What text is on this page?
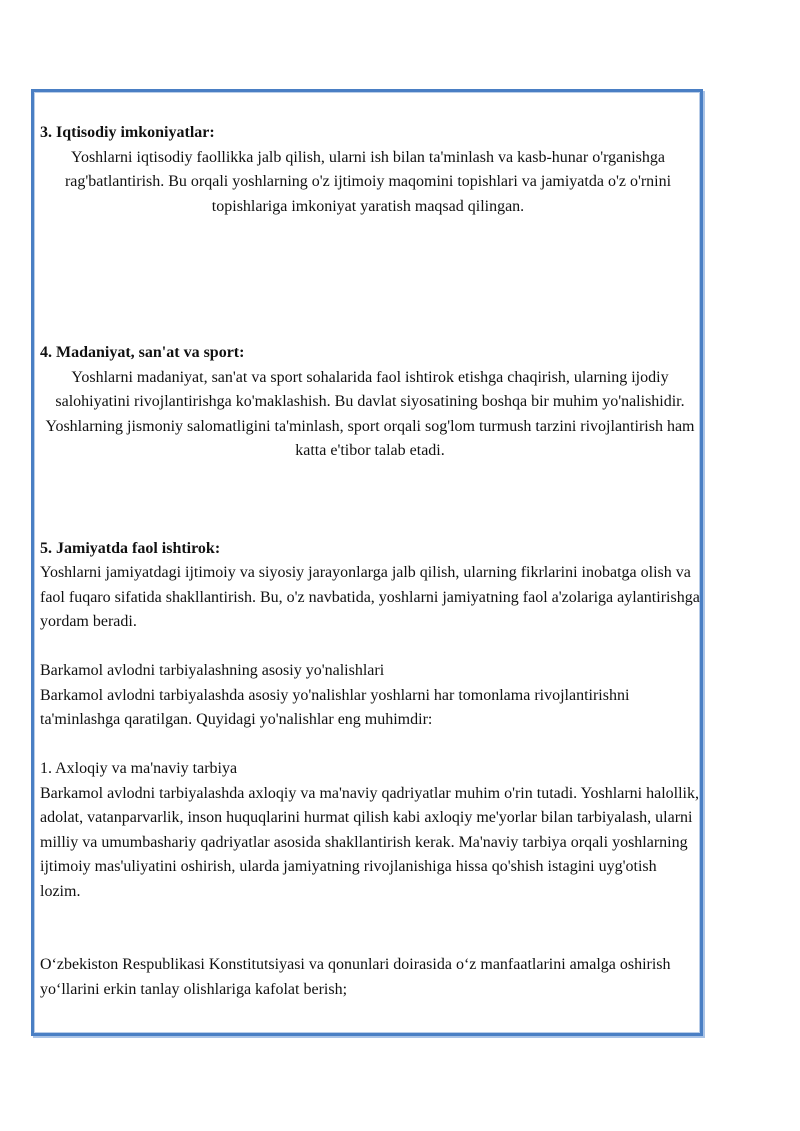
3. Iqtisodiy imkoniyatlar:

Yoshlarni iqtisodiy faollikka jalb qilish, ularni ish bilan ta'minlash va kasb-hunar o'rganishga rag'batlantirish. Bu orqali yoshlarning o'z ijtimoiy maqomini topishlari va jamiyatda o'z o'rnini topishlariga imkoniyat yaratish maqsad qilingan.

4. Madaniyat, san'at va sport:

Yoshlarni madaniyat, san'at va sport sohalarida faol ishtirok etishga chaqirish, ularning ijodiy salohiyatini rivojlantirishga ko'maklashish. Bu davlat siyosatining boshqa bir muhim yo'nalishidir. Yoshlarning jismoniy salomatligini ta'minlash, sport orqali sog'lom turmush tarzini rivojlantirish ham katta e'tibor talab etadi.

5. Jamiyatda faol ishtirok:

Yoshlarni jamiyatdagi ijtimoiy va siyosiy jarayonlarga jalb qilish, ularning fikrlarini inobatga olish va faol fuqaro sifatida shakllantirish. Bu, o'z navbatida, yoshlarni jamiyatning faol a'zolariga aylantirishga yordam beradi.

Barkamol avlodni tarbiyalashning asosiy yo'nalishlari

Barkamol avlodni tarbiyalashda asosiy yo'nalishlar yoshlarni har tomonlama rivojlantirishni ta'minlashga qaratilgan. Quyidagi yo'nalishlar eng muhimdir:

1. Axloqiy va ma'naviy tarbiya

Barkamol avlodni tarbiyalashda axloqiy va ma'naviy qadriyatlar muhim o'rin tutadi. Yoshlarni halollik, adolat, vatanparvarlik, inson huquqlarini hurmat qilish kabi axloqiy me'yorlar bilan tarbiyalash, ularni milliy va umumbashariy qadriyatlar asosida shakllantirish kerak. Ma'naviy tarbiya orqali yoshlarning ijtimoiy mas'uliyatini oshirish, ularda jamiyatning rivojlanishiga hissa qo'shish istagini uyg'otish lozim.

O‘zbekiston Respublikasi Konstitutsiyasi va qonunlari doirasida o‘z manfaatlarini amalga oshirish yo‘llarini erkin tanlay olishlariga kafolat berish;
